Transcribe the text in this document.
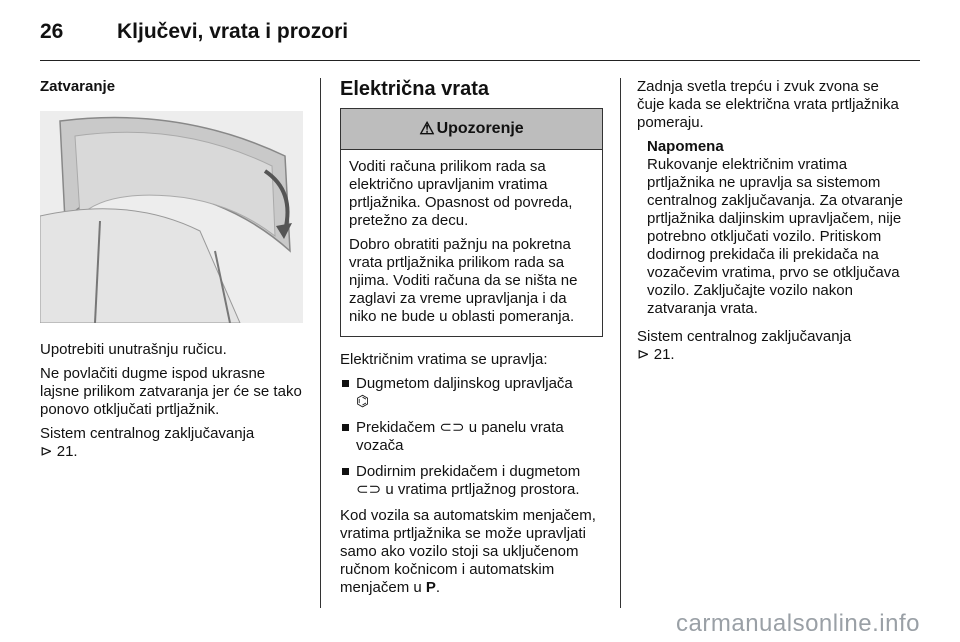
26	Ključevi, vrata i prozori
Zatvaranje

Upotrebiti unutrašnju ručicu.

Ne povlačiti dugme ispod ukrasne lajsne prilikom zatvaranja jer će se tako ponovo otključati prtljažnik.

Sistem centralnog zaključavanja
⊳ 21.

Električna vrata
⚠ Upozorenje

Voditi računa prilikom rada sa električno upravljanim vratima prtljažnika. Opasnost od povreda, pretežno za decu.

Dobro obratiti pažnju na pokretna vrata prtljažnika prilikom rada sa njima. Voditi računa da se ništa ne zaglavi za vreme upravljanja i da niko ne bude u oblasti pomeranja.

Električnim vratima se upravlja:

Dugmetom daljinskog upravljača
⌬
Prekidačem ⊂⊃ u panelu vrata
vozača
Dodirnim prekidačem i dugmetom
⊂⊃ u vratima prtljažnog prostora.

Kod vozila sa automatskim menjačem, vratima prtljažnika se može upravljati samo ako vozilo stoji sa uključenom ručnom kočnicom i automatskim menjačem u P.

Zadnja svetla trepću i zvuk zvona se čuje kada se električna vrata prtljažnika pomeraju.

Napomena

Rukovanje električnim vratima prtljažnika ne upravlja sa sistemom centralnog zaključavanja. Za otvaranje prtljažnika daljinskim upravljačem, nije potrebno otključati vozilo. Pritiskom dodirnog prekidača ili prekidača na vozačevim vratima, prvo se otključava vozilo. Zaključajte vozilo nakon zatvaranja vrata.

Sistem centralnog zaključavanja
⊳ 21.

carmanualsonline.info
